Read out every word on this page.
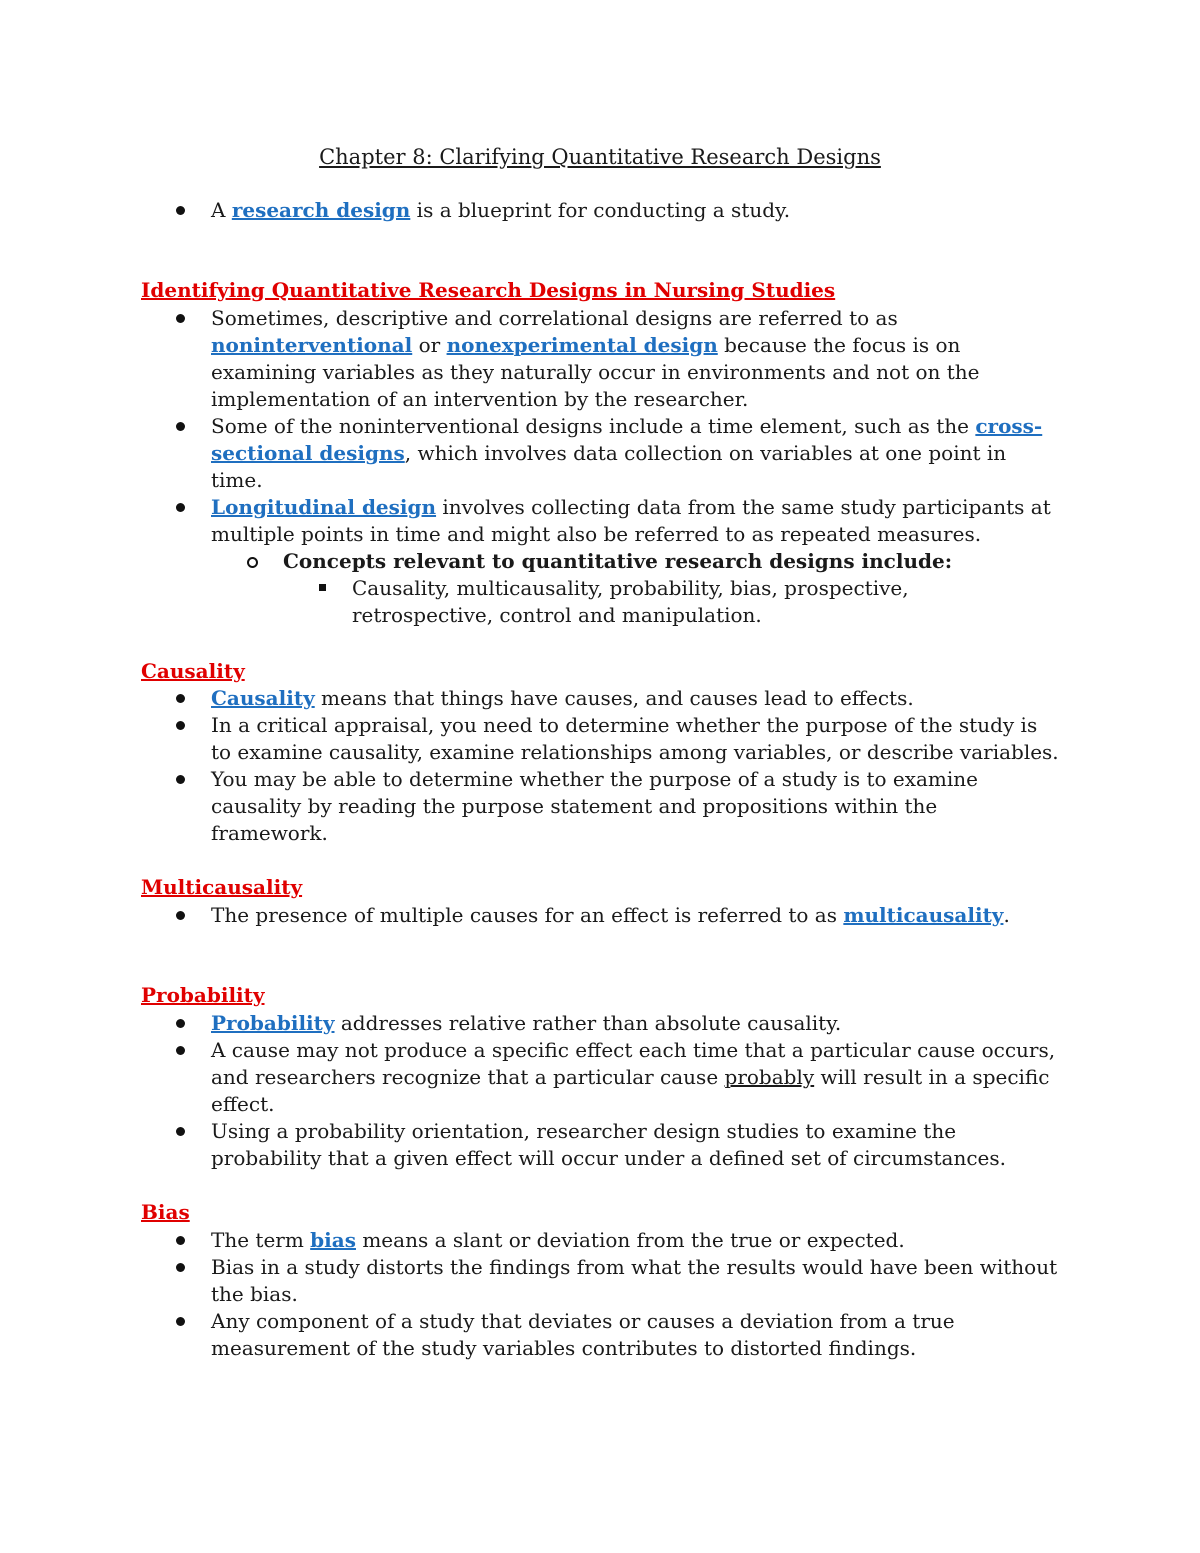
Chapter 8: Clarifying Quantitative Research Designs
A research design is a blueprint for conducting a study.
Identifying Quantitative Research Designs in Nursing Studies
Sometimes, descriptive and correlational designs are referred to as noninterventional or nonexperimental design because the focus is on examining variables as they naturally occur in environments and not on the implementation of an intervention by the researcher.
Some of the noninterventional designs include a time element, such as the cross-sectional designs, which involves data collection on variables at one point in time.
Longitudinal design involves collecting data from the same study participants at multiple points in time and might also be referred to as repeated measures.
Concepts relevant to quantitative research designs include:
Causality, multicausality, probability, bias, prospective, retrospective, control and manipulation.
Causality
Causality means that things have causes, and causes lead to effects.
In a critical appraisal, you need to determine whether the purpose of the study is to examine causality, examine relationships among variables, or describe variables.
You may be able to determine whether the purpose of a study is to examine causality by reading the purpose statement and propositions within the framework.
Multicausality
The presence of multiple causes for an effect is referred to as multicausality.
Probability
Probability addresses relative rather than absolute causality.
A cause may not produce a specific effect each time that a particular cause occurs, and researchers recognize that a particular cause probably will result in a specific effect.
Using a probability orientation, researcher design studies to examine the probability that a given effect will occur under a defined set of circumstances.
Bias
The term bias means a slant or deviation from the true or expected.
Bias in a study distorts the findings from what the results would have been without the bias.
Any component of a study that deviates or causes a deviation from a true measurement of the study variables contributes to distorted findings.
